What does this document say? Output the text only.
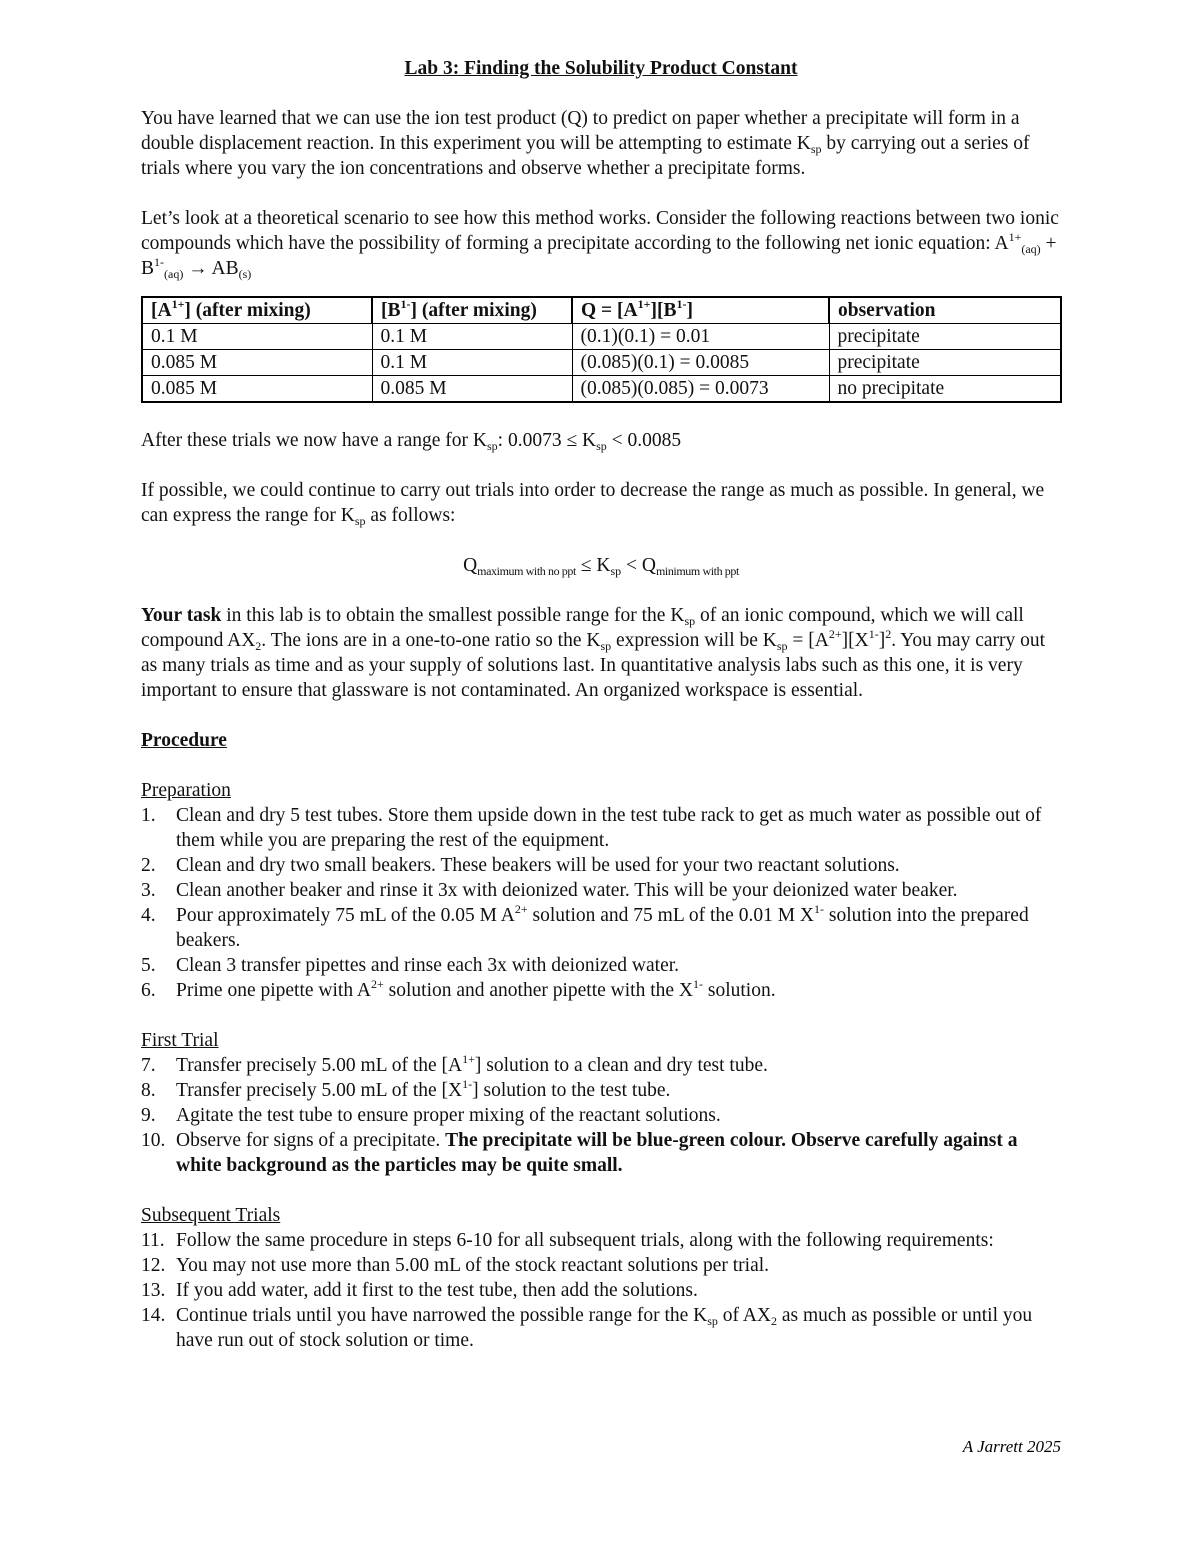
Lab 3: Finding the Solubility Product Constant

You have learned that we can use the ion test product (Q) to predict on paper whether a precipitate will form in a double displacement reaction. In this experiment you will be attempting to estimate $K_{sp}$ by carrying out a series of trials where you vary the ion concentrations and observe whether a precipitate forms.

Let’s look at a theoretical scenario to see how this method works. Consider the following reactions between two ionic compounds which have the possibility of forming a precipitate according to the following net ionic equation: $A^{1+}_{(aq)} + B^{1-}_{(aq)} \to AB_{(s)}$

$[A^{1+}]$ (after mixing)	$[B^{1-}]$ (after mixing)	$Q = [A^{1+}][B^{1-}]$	observation
0.1 M	0.1 M	(0.1)(0.1) = 0.01	precipitate
0.085 M	0.1 M	(0.085)(0.1) = 0.0085	precipitate
0.085 M	0.085 M	(0.085)(0.085) = 0.0073	no precipitate

After these trials we now have a range for $K_{sp}$: $0.0073 \le K_{sp} < 0.0085$

If possible, we could continue to carry out trials into order to decrease the range as much as possible. In general, we can express the range for $K_{sp}$ as follows:

$Q_{maximum with no ppt} \le K_{sp} < Q_{minimum with ppt}$

Your task in this lab is to obtain the smallest possible range for the $K_{sp}$ of an ionic compound, which we will call compound $AX_2$. The ions are in a one-to-one ratio so the $K_{sp}$ expression will be $K_{sp} = [A^{2+}][X^{1-}]^2$. You may carry out as many trials as time and as your supply of solutions last. In quantitative analysis labs such as this one, it is very important to ensure that glassware is not contaminated. An organized workspace is essential.

Procedure

Preparation

1. Clean and dry 5 test tubes. Store them upside down in the test tube rack to get as much water as possible out of them while you are preparing the rest of the equipment.
2. Clean and dry two small beakers. These beakers will be used for your two reactant solutions.
3. Clean another beaker and rinse it 3x with deionized water. This will be your deionized water beaker.
4. Pour approximately 75 mL of the 0.05 M $A^{2+}$ solution and 75 mL of the 0.01 M $X^{1-}$ solution into the prepared beakers.
5. Clean 3 transfer pipettes and rinse each 3x with deionized water.
6. Prime one pipette with $A^{2+}$ solution and another pipette with the $X^{1-}$ solution.

First Trial

7. Transfer precisely 5.00 mL of the $[A^{1+}]$ solution to a clean and dry test tube.
8. Transfer precisely 5.00 mL of the $[X^{1-}]$ solution to the test tube.
9. Agitate the test tube to ensure proper mixing of the reactant solutions.
10. Observe for signs of a precipitate. The precipitate will be blue-green colour. Observe carefully against a white background as the particles may be quite small.

Subsequent Trials

11. Follow the same procedure in steps 6-10 for all subsequent trials, along with the following requirements:
12. You may not use more than 5.00 mL of the stock reactant solutions per trial.
13. If you add water, add it first to the test tube, then add the solutions.
14. Continue trials until you have narrowed the possible range for the $K_{sp}$ of $AX_2$ as much as possible or until you have run out of stock solution or time.
A Jarrett 2025
